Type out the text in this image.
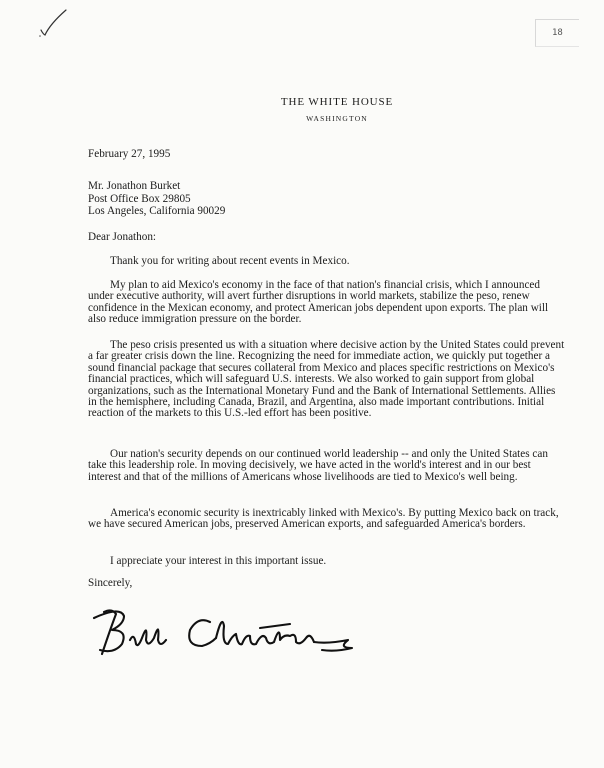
18
THE WHITE HOUSE
WASHINGTON
February 27, 1995
Mr. Jonathon Burket
Post Office Box 29805
Los Angeles, California 90029
Dear Jonathon:

Thank you for writing about recent events in Mexico.

My plan to aid Mexico's economy in the face of that nation's financial crisis, which I announced under executive authority, will avert further disruptions in world markets, stabilize the peso, renew confidence in the Mexican economy, and protect American jobs dependent upon exports. The plan will also reduce immigration pressure on the border.

The peso crisis presented us with a situation where decisive action by the United States could prevent a far greater crisis down the line. Recognizing the need for immediate action, we quickly put together a sound financial package that secures collateral from Mexico and places specific restrictions on Mexico's financial practices, which will safeguard U.S. interests. We also worked to gain support from global organizations, such as the International Monetary Fund and the Bank of International Settlements. Allies in the hemisphere, including Canada, Brazil, and Argentina, also made important contributions. Initial reaction of the markets to this U.S.-led effort has been positive.

Our nation's security depends on our continued world leadership -- and only the United States can take this leadership role. In moving decisively, we have acted in the world's interest and in our best interest and that of the millions of Americans whose livelihoods are tied to Mexico's well being.

America's economic security is inextricably linked with Mexico's. By putting Mexico back on track, we have secured American jobs, preserved American exports, and safeguarded America's borders.

I appreciate your interest in this important issue.

Sincerely,
